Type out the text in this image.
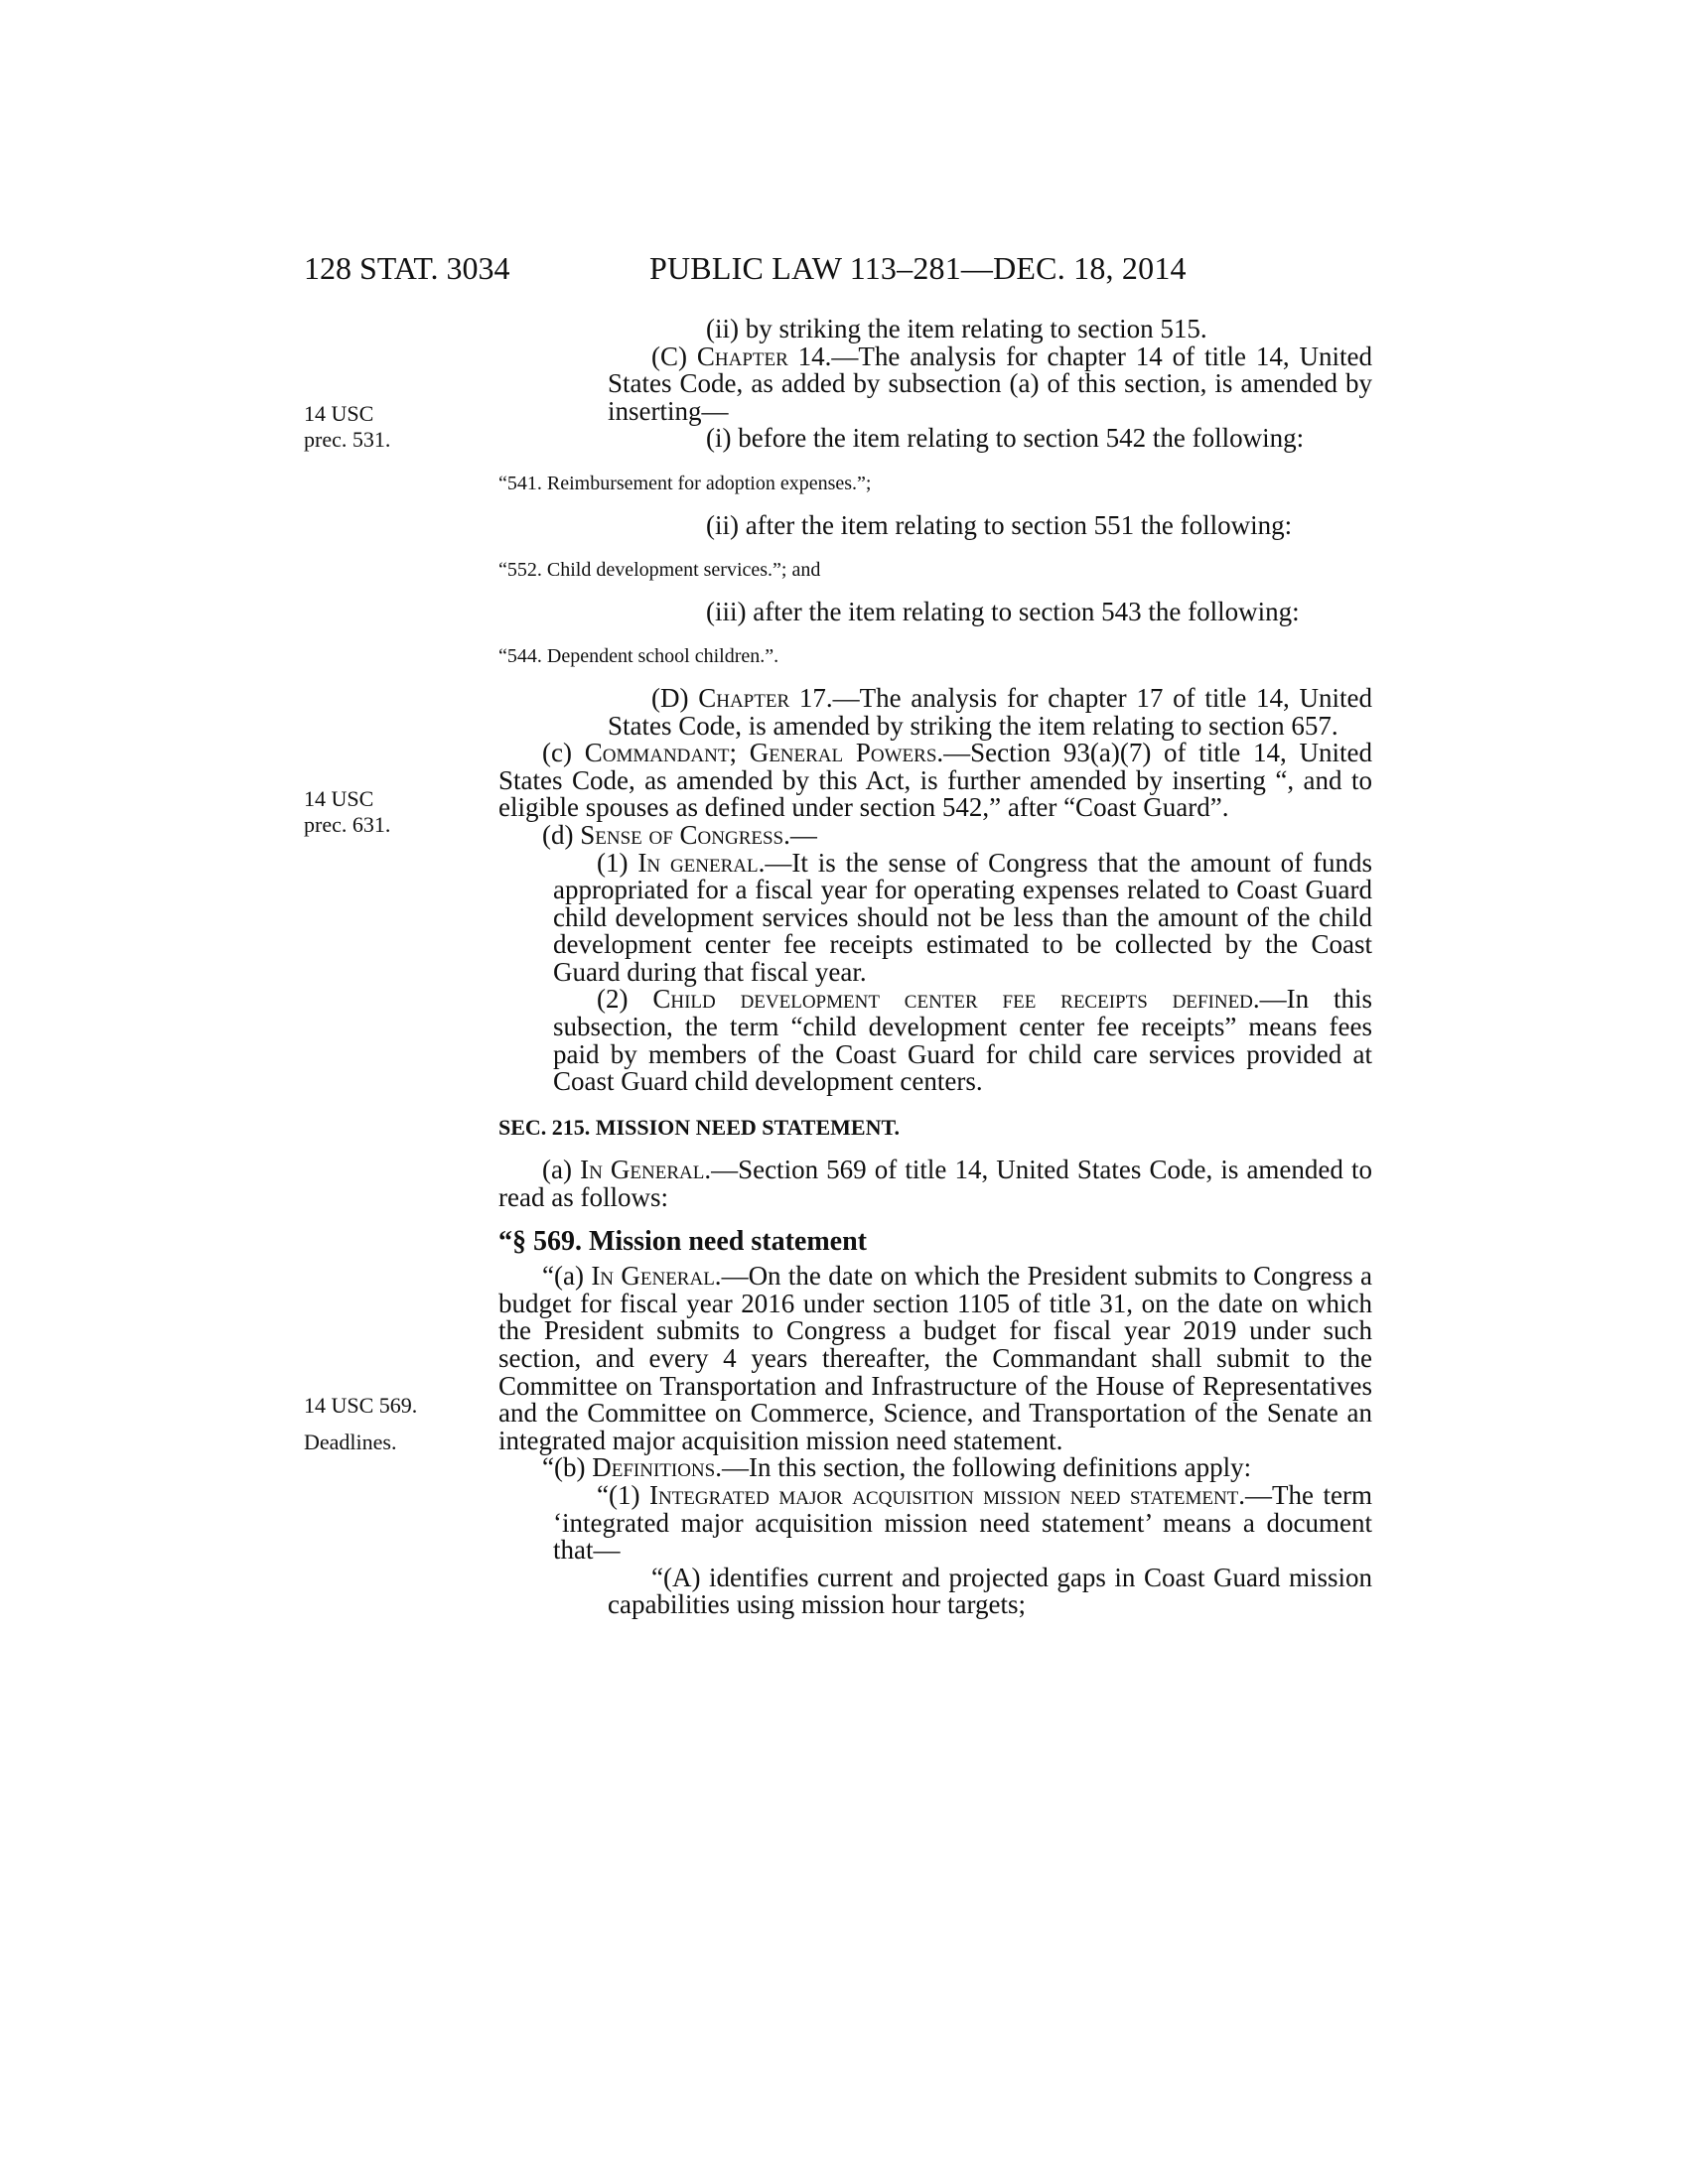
128 STAT. 3034	PUBLIC LAW 113–281—DEC. 18, 2014
14 USC
prec. 531.
14 USC
prec. 631.
14 USC 569.
Deadlines.

(ii) by striking the item relating to section 515.

(C) Chapter 14.—The analysis for chapter 14 of title 14, United States Code, as added by subsection (a) of this section, is amended by inserting—

(i) before the item relating to section 542 the following:

“541. Reimbursement for adoption expenses.”;

(ii) after the item relating to section 551 the following:

“552. Child development services.”; and

(iii) after the item relating to section 543 the following:

“544. Dependent school children.”.

(D) Chapter 17.—The analysis for chapter 17 of title 14, United States Code, is amended by striking the item relating to section 657.

(c) Commandant; General Powers.—Section 93(a)(7) of title 14, United States Code, as amended by this Act, is further amended by inserting “, and to eligible spouses as defined under section 542,” after “Coast Guard”.

(d) Sense of Congress.—

(1) In general.—It is the sense of Congress that the amount of funds appropriated for a fiscal year for operating expenses related to Coast Guard child development services should not be less than the amount of the child development center fee receipts estimated to be collected by the Coast Guard during that fiscal year.

(2) Child development center fee receipts defined.—In this subsection, the term “child development center fee receipts” means fees paid by members of the Coast Guard for child care services provided at Coast Guard child development centers.

SEC. 215. MISSION NEED STATEMENT.

(a) In General.—Section 569 of title 14, United States Code, is amended to read as follows:

“§ 569. Mission need statement

“(a) In General.—On the date on which the President submits to Congress a budget for fiscal year 2016 under section 1105 of title 31, on the date on which the President submits to Congress a budget for fiscal year 2019 under such section, and every 4 years thereafter, the Commandant shall submit to the Committee on Transportation and Infrastructure of the House of Representatives and the Committee on Commerce, Science, and Transportation of the Senate an integrated major acquisition mission need statement.

“(b) Definitions.—In this section, the following definitions apply:

“(1) Integrated major acquisition mission need statement.—The term ‘integrated major acquisition mission need statement’ means a document that—

“(A) identifies current and projected gaps in Coast Guard mission capabilities using mission hour targets;
